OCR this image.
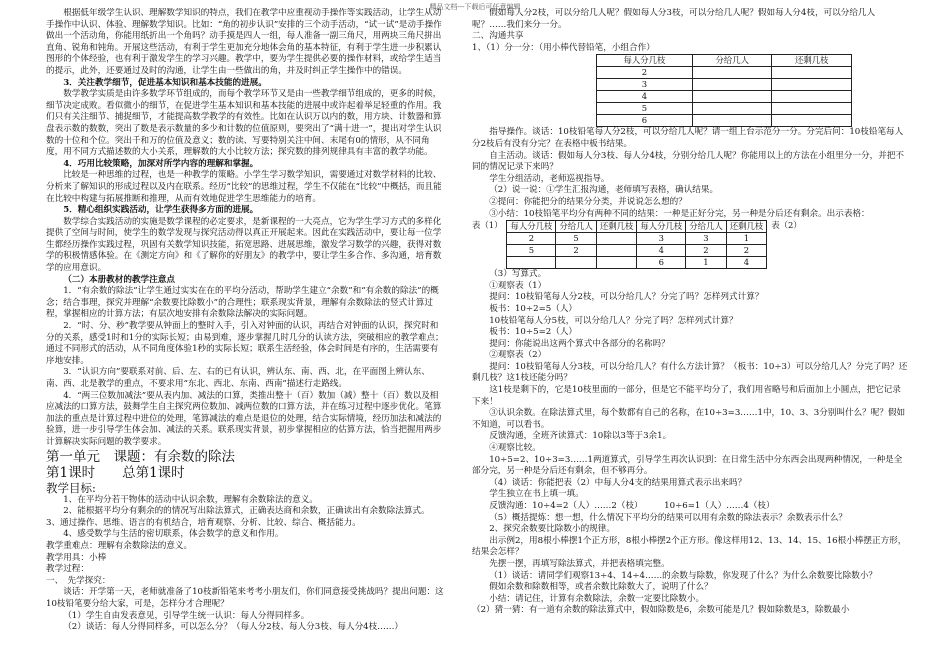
精品文档---下载后可任意编辑

根据低年级学生认识、理解数学知识的特点，我们在教学中应重视动手操作等实践活动，让学生从动手操作中认识、体验、理解数学知识。比如：“角的初步认识”安排的三个动手活动，“试一试”是动手操作做出一个活动角，你能用纸折出一个角吗？动手摸是四人一组，每人准备一副三角尺，用两块三角尺拼出直角、锐角和钝角。开展这些活动，有利于学生更加充分地体会角的基本特征，有利于学生进一步积累认图形的个体经验，也有利于激发学生的学习兴趣。教学中，要为学生提供必要的操作材料，或给学生适当的提示，此外，还要通过及时的沟通，让学生由一些做出的角，并及时纠正学生操作中的错误。

3．关注教学细节，促进基本知识和基本技能的进展。

数学教学实质是由许多数学环节组成的，而每个教学环节又是由一些教学细节组成的，更多的时候，细节决定成败。看似微小的细节，在促进学生基本知识和基本技能的进展中或许起着举足轻重的作用。我们只有关注细节、捕捉细节，才能提高数学教学的有效性。比如在认识万以内的数，用方块、计数器和算盘表示数的数数，突出了数是表示数量的多少和计数的位值原则，要突出了“满十进一”，提出对学生认识数的十位和个位。突出千和万的位值及意义；数的读、写要特别关注中间、末尾有0的情形，从不同角度，用不同方式描述数的大小关系，理解数的大小比较方法；探究数的排列规律具有丰富的教学功能。

4．巧用比较策略，加深对所学内容的理解和掌握。

比较是一种思维的过程，也是一种教学的策略。小学生学习数学知识，需要通过对数学材料的比较、分析来了解知识的形成过程以及内在联系。经历“比较”的思维过程，学生不仅能在“比较”中概括，而且能在比较中构建与拓展推断和推理，从而有效地促进学生思维能力的培育。

5．精心组织实践活动，让学生获得多方面的进展。

数学综合实践活动的实施是数学课程的必定要求，是新课程的一大亮点，它为学生学习方式的多样化提供了空间与时间，使学生的数学发现与探究活动得以真正开展起来。因此在实践活动中，要让每一位学生都经历操作实践过程，巩固有关数学知识技能，拓宽思路、进展思维，激发学习数学的兴趣，获得对数学的积极情感体验。在《测定方向》和《了解你的好朋友》的教学中，要让学生多合作、多沟通，培育数学的应用意识。

（二）本册教材的教学注意点

1．“有余数的除法”让学生通过实实在在的平均分活动，帮助学生建立“余数”和“有余数的除法”的概念；结合事理，探究并理解“余数要比除数小”的合理性；联系现实背景，理解有余数除法的竖式计算过程，掌握相应的计算方法；有层次地安排有余数除法解决的实际问题。

2．“时、分、秒”教学要从钟面上的整时入手，引入对钟面的认识，再结合对钟面的认识，探究时和分的关系，感受1时和1分的实际长短；由易到难，逐步掌握几时几分的认读方法，突破相应的教学难点；通过不同形式的活动，从不同角度体验1秒的实际长短；联系生活经验，体会时间是有序的，生活需要有序地安排。

3．“认识方向”要联系对前、后、左、右的已有认识，辨认东、南、西、北，在平面图上辨认东、南、西、北是教学的重点，不要求用“东北、西北、东南、西南”描述行走路线。

4．“两三位数加减法”要从表内加、减法的口算，类推出整十（百）数加（减）整十（百）数以及相应减法的口算方法，鼓舞学生自主探究两位数加、减两位数的口算方法，并在练习过程中逐步优化。笔算加法的重点是计算过程中进位的处理，笔算减法的难点是退位的处理，结合实际情境，经历加法和减法的验算，进一步引导学生体会加、减法的关系。联系现实背景，初步掌握相应的估算方法，恰当把握用两步计算解决实际问题的教学要求。

第一单元　课题：有余数的除法

第1课时　　总第1课时

教学目标:

1、在平均分若干物体的活动中认识余数，理解有余数除法的意义。

2、能根据平均分有剩余的的情况写出除法算式，正确表达商和余数，正确读出有余数除法算式。

3、通过操作、思维、语言的有机结合，培育观察、分析、比较、综合、概括能力。

4、感受数学与生活的密切联系，体会数学的意义和作用。

教学重难点：理解有余数除法的意义。

教学用具：小棒

教学过程：

一、　先学探究：

谈话：开学第一天，老师就准备了10枝新铅笔来考考小朋友们，你们同意接受挑战吗？提出问题：这10枝铅笔要分给大家，可是，怎样分才合理呢？

（1）学生自由发表意见，引导学生统一认识：每人分得同样多。

（2）谈话：每人分得同样多，可以怎么分？（每人分2枝、每人分3枝、每人分4枝……）

假如每人分2枝，可以分给几人呢？假如每人分3枝，可以分给几人呢？假如每人分4枝，可以分给几人呢？……我们来分一分。

二、沟通共享

1、（1）分一分：（用小棒代替铅笔，小组合作）

每人分几枝	分给几人	还剩几枝
2		
3		
4		
5		
6		

指导操作。谈话：10枝铅笔每人分2枝，可以分给几人呢？请一组上台示范分一分。分完后问：10枝铅笔每人分2枝后有没有分完？在表格中板书结果。

自主活动。谈话：假如每人分3枝、每人分4枝，分别分给几人呢？你能用以上的方法在小组里分一分，并把不同的情况记录下来吗？

学生分组活动，老师巡视指导。

（2）说一说：①学生汇报沟通，老师填写表格，确认结果。

②提问：你能把分的结果分分类，并说说怎么想的？

③小结：10枝铅笔平均分有两种不同的结果：一种是正好分完，另一种是分后还有剩余。出示表格：

表（1） 每人分几枝	分给几人	还剩几枝	每人分几枝	分给几人	还剩几枝
2	5		3	3	1
5	2		4	2	2
			6	1	4
表（2）

（3）写算式。

①观察表（1）

提问：10枝铅笔每人分2枝，可以分给几人？分完了吗？怎样列式计算？

板书：10÷2=5（人）

10枝铅笔每人分5枝，可以分给几人？分完了吗？怎样列式计算？

板书：10÷5=2（人）

提问：你能说出这两个算式中各部分的名称吗？

②观察表（2）

提问：10枝铅笔每人分3枝，可以分给几人？有什么方法计算？（板书：10÷3）可以分给几人？分完了吗？还剩几枝？这1枝还能分吗？

这1枝是剩下的，它是10枝里面的一部分，但是它不能平均分了，我们用省略号和后面加上小圆点，把它记录下来！

③认识余数。在除法算式里，每个数都有自己的名称，在10÷3=3……1中，10、3、3分别叫什么？呢？假如不知道，可以看书。

反馈沟通，全班齐读算式：10除以3等于3余1。

④观察比较。

10÷5=2、10÷3=3……1两道算式，引导学生再次认识到：在日常生活中分东西会出现两种情况，一种是全部分完，另一种是分后还有剩余，但不够再分。

（4）谈话：你能把表（2）中每人分4支的结果用算式表示出来吗？

学生独立在书上填一填。

反馈沟通：10÷4=2（人）……2（枝）　　　10÷6=1（人）……4（枝）

（5）概括提炼：想一想，什么情况下平均分的结果可以用有余数的除法表示？余数表示什么？

2、探究余数要比除数小的规律。

出示例2，用8根小棒摆1个正方形，8根小棒摆2个正方形。像这样用12、13、14、15、16根小棒摆正方形，结果会怎样？

先摆一摆，再填写除法算式，并把表格填完整。

（1）谈话：请同学们观察13÷4、14÷4……的余数与除数，你发现了什么？为什么余数要比除数小？

假如余数和除数相等，或者余数比除数大了，说明了什么？

小结：请记住，计算有余数除法，余数一定要比除数小。

（2）猜一猜：有一道有余数的除法算式中，假如除数是6，余数可能是几？假如除数是3，除数最小
